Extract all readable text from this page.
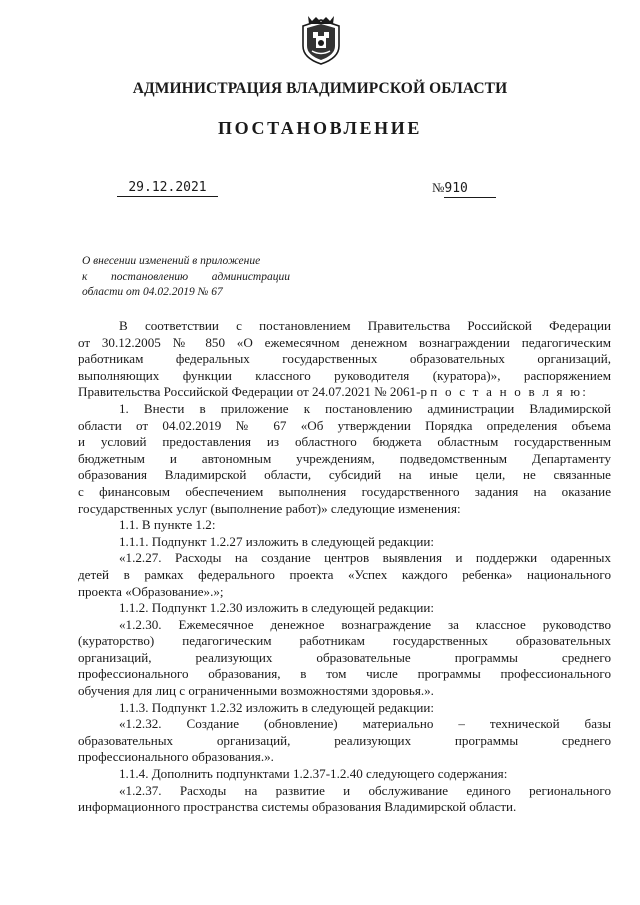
АДМИНИСТРАЦИЯ ВЛАДИМИРСКОЙ ОБЛАСТИ
ПОСТАНОВЛЕНИЕ
29.12.2021	№910
О внесении изменений в приложение
к постановлению администрации
области от 04.02.2019 № 67
В соответствии с постановлением Правительства Российской Федерации
от 30.12.2005 № 850 «О ежемесячном денежном вознаграждении педагогическим
работникам федеральных государственных образовательных организаций,
выполняющих функции классного руководителя (куратора)», распоряжением
Правительства Российской Федерации от 24.07.2021 № 2061-р п о с т а н о в л я ю:
1. Внести в приложение к постановлению администрации Владимирской
области от 04.02.2019 № 67 «Об утверждении Порядка определения объема
и условий предоставления из областного бюджета областным государственным
бюджетным и автономным учреждениям, подведомственным Департаменту
образования Владимирской области, субсидий на иные цели, не связанные
с финансовым обеспечением выполнения государственного задания на оказание
государственных услуг (выполнение работ)» следующие изменения:
1.1. В пункте 1.2:
1.1.1. Подпункт 1.2.27 изложить в следующей редакции:
«1.2.27. Расходы на создание центров выявления и поддержки одаренных
детей в рамках федерального проекта «Успех каждого ребенка» национального
проекта «Образование».»;
1.1.2. Подпункт 1.2.30 изложить в следующей редакции:
«1.2.30. Ежемесячное денежное вознаграждение за классное руководство
(кураторство) педагогическим работникам государственных образовательных
организаций, реализующих образовательные программы среднего
профессионального образования, в том числе программы профессионального
обучения для лиц с ограниченными возможностями здоровья.».
1.1.3. Подпункт 1.2.32 изложить в следующей редакции:
«1.2.32. Создание (обновление) материально – технической базы
образовательных организаций, реализующих программы среднего
профессионального образования.».
1.1.4. Дополнить подпунктами 1.2.37-1.2.40 следующего содержания:
«1.2.37. Расходы на развитие и обслуживание единого регионального
информационного пространства системы образования Владимирской области.
